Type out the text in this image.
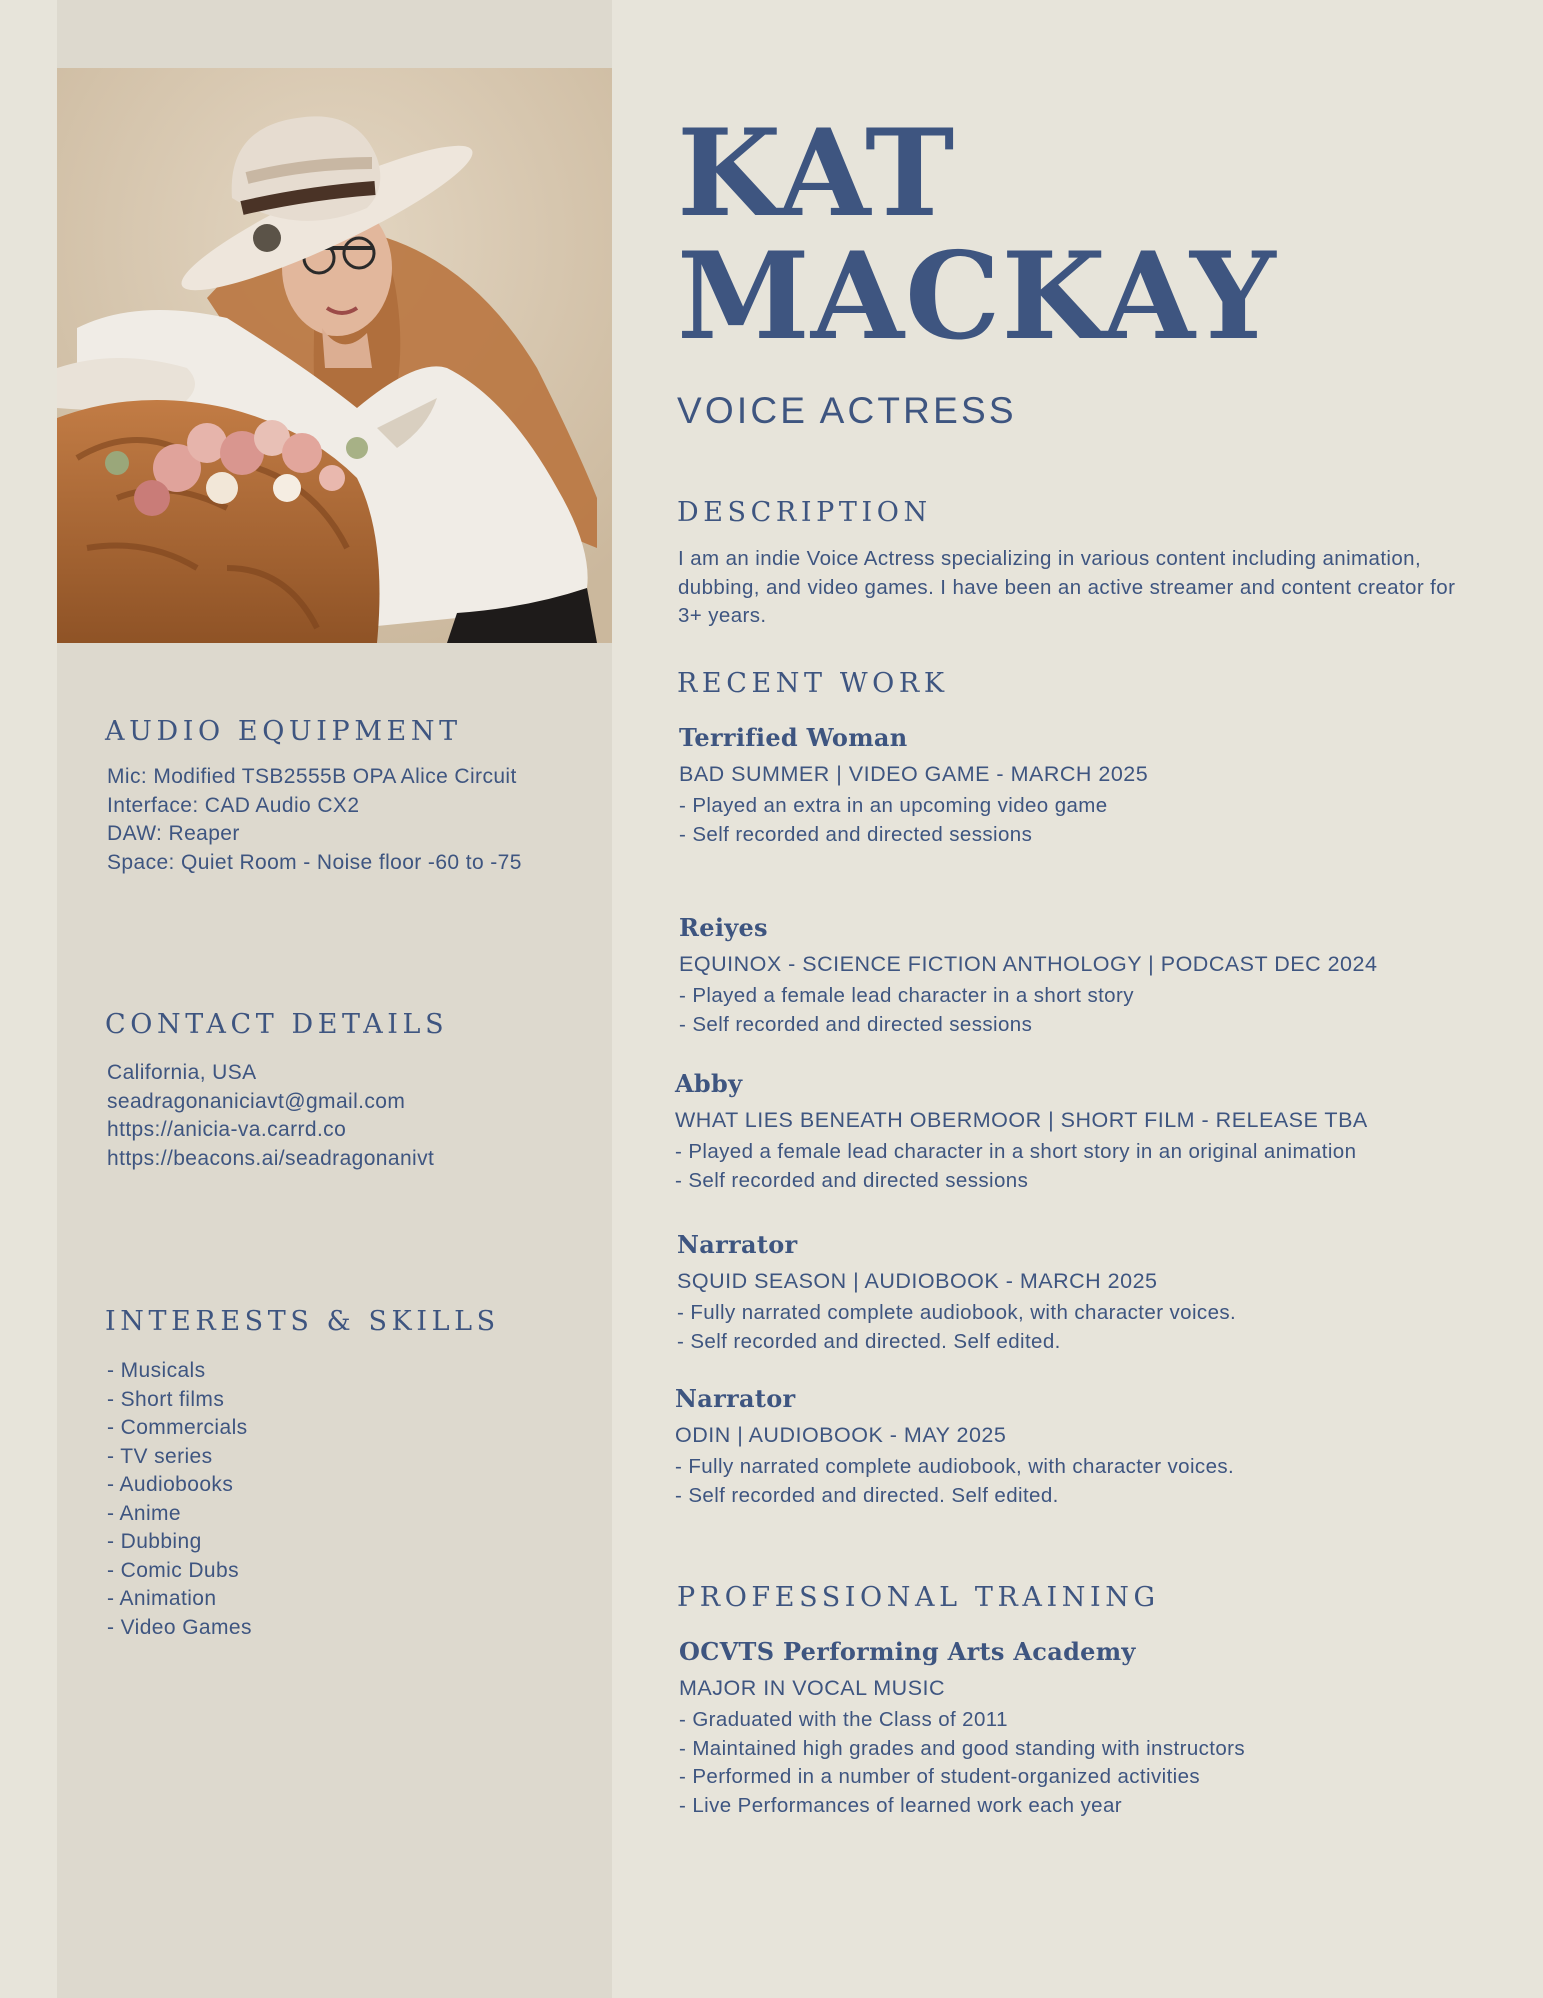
KAT
MACKAY
VOICE ACTRESS
DESCRIPTION

I am an indie Voice Actress specializing in various content including animation, dubbing, and video games. I have been an active streamer and content creator for 3+ years.

RECENT WORK

Terrified Woman

BAD SUMMER | VIDEO GAME - MARCH 2025

- Played an extra in an upcoming video game
- Self recorded and directed sessions

Reiyes

EQUINOX - SCIENCE FICTION ANTHOLOGY | PODCAST DEC 2024

- Played a female lead character in a short story
- Self recorded and directed sessions

Abby

WHAT LIES BENEATH OBERMOOR | SHORT FILM - RELEASE TBA

- Played a female lead character in a short story in an original animation
- Self recorded and directed sessions

Narrator

SQUID SEASON | AUDIOBOOK - MARCH 2025

- Fully narrated complete audiobook, with character voices.
- Self recorded and directed. Self edited.

Narrator

ODIN | AUDIOBOOK - MAY 2025

- Fully narrated complete audiobook, with character voices.
- Self recorded and directed. Self edited.
PROFESSIONAL TRAINING

OCVTS Performing Arts Academy

MAJOR IN VOCAL MUSIC

- Graduated with the Class of 2011
- Maintained high grades and good standing with instructors
- Performed in a number of student-organized activities
- Live Performances of learned work each year
AUDIO EQUIPMENT
Mic: Modified TSB2555B OPA Alice Circuit
Interface: CAD Audio CX2
DAW: Reaper
Space: Quiet Room - Noise floor -60 to -75
CONTACT DETAILS
California, USA
seadragonaniciavt@gmail.com
https://anicia-va.carrd.co
https://beacons.ai/seadragonanivt
INTERESTS & SKILLS
- Musicals
- Short films
- Commercials
- TV series
- Audiobooks
- Anime
- Dubbing
- Comic Dubs
- Animation
- Video Games
